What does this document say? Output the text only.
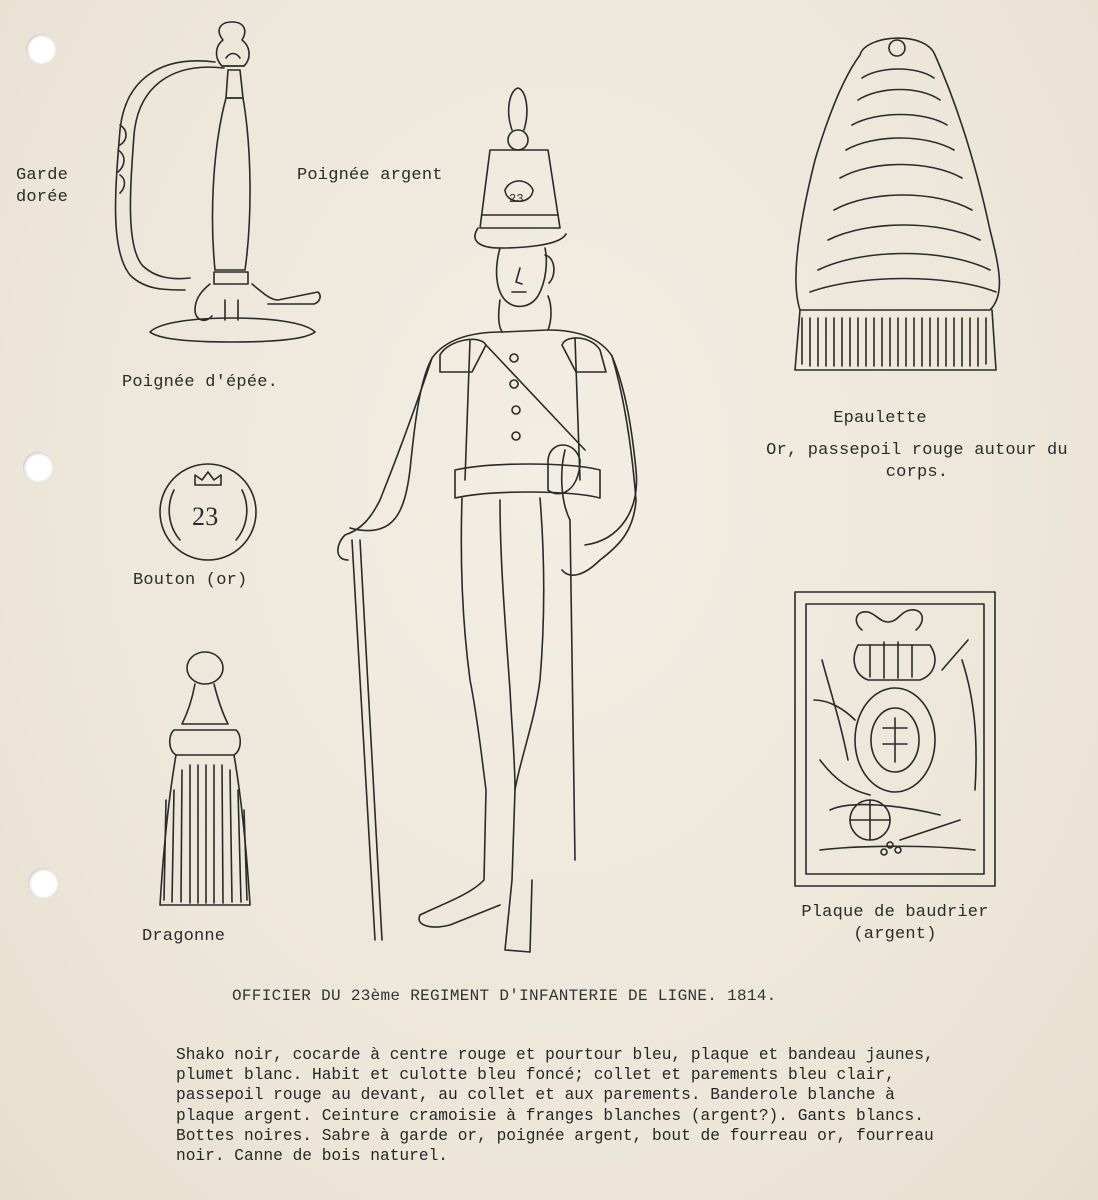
Garde
dorée
Poignée argent
Poignée d'épée.
Epaulette
Or, passepoil rouge autour du
corps.
23
Bouton (or)
Dragonne
Plaque de baudrier
(argent)
23
OFFICIER DU 23ème REGIMENT D'INFANTERIE DE LIGNE. 1814.
Shako noir, cocarde à centre rouge et pourtour bleu, plaque et bandeau jaunes,
plumet blanc. Habit et culotte bleu foncé; collet et parements bleu clair,
passepoil rouge au devant, au collet et aux parements. Banderole blanche à
plaque argent. Ceinture cramoisie à franges blanches (argent?). Gants blancs.
Bottes noires. Sabre à garde or, poignée argent, bout de fourreau or, fourreau
noir. Canne de bois naturel.
